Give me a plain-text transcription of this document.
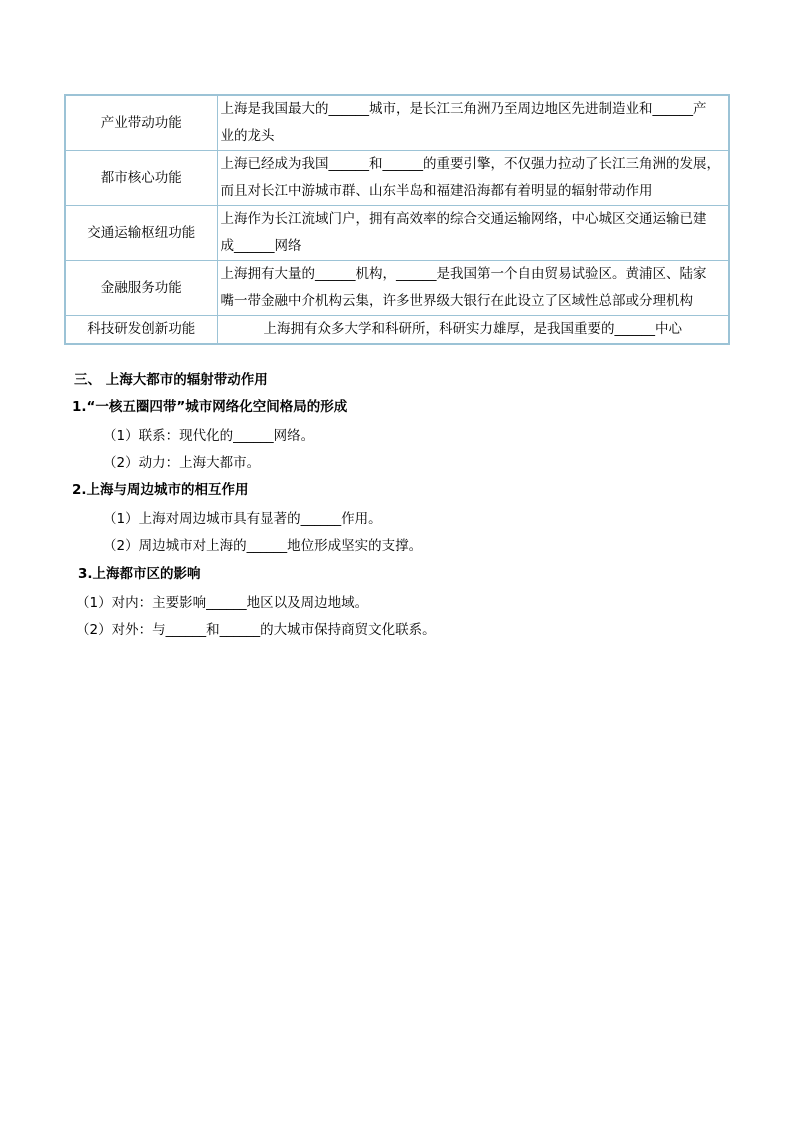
产业带动功能	上海是我国最大的______城市，是长江三角洲乃至周边地区先进制造业和______产
业的龙头

都市核心功能	上海已经成为我国______和______的重要引擎，不仅强力拉动了长江三角洲的发展，
而且对长江中游城市群、山东半岛和福建沿海都有着明显的辐射带动作用

交通运输枢纽功能	上海作为长江流域门户，拥有高效率的综合交通运输网络，中心城区交通运输已建
成______网络

金融服务功能	上海拥有大量的______机构，______是我国第一个自由贸易试验区。黄浦区、陆家
嘴一带金融中介机构云集，许多世界级大银行在此设立了区域性总部或分理机构

科技研发创新功能	上海拥有众多大学和科研所，科研实力雄厚，是我国重要的______中心
三、 上海大都市的辐射带动作用
1.“一核五圈四带”城市网络化空间格局的形成
（1）联系：现代化的______网络。
（2）动力：上海大都市。
2.上海与周边城市的相互作用
（1）上海对周边城市具有显著的______作用。
（2）周边城市对上海的______地位形成坚实的支撑。
3.上海都市区的影响
（1）对内：主要影响______地区以及周边地域。
（2）对外：与______和______的大城市保持商贸文化联系。
